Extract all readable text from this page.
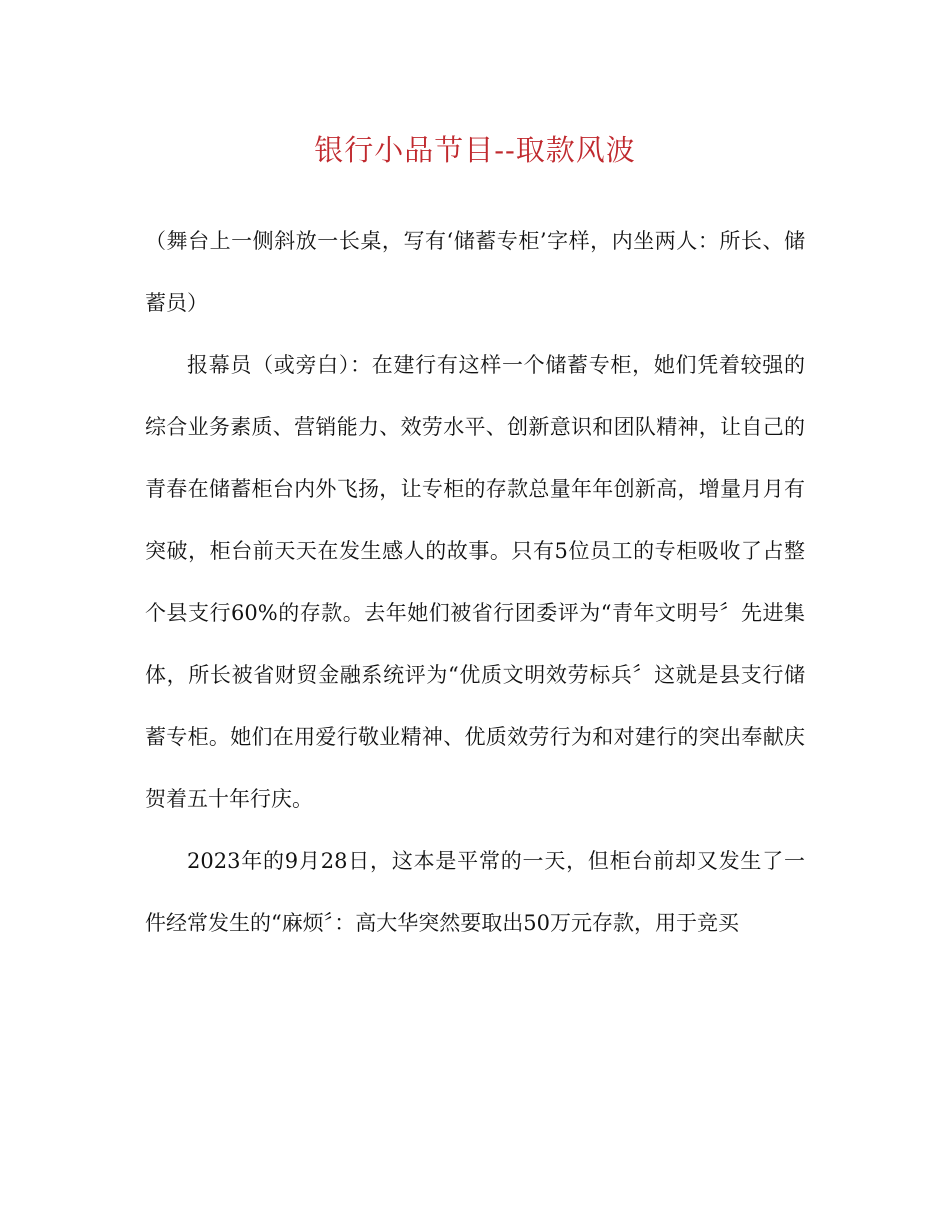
银行小品节目--取款风波

（舞台上一侧斜放一长桌，写有‘储蓄专柜’字样，内坐两人：所长、储蓄员）

报幕员（或旁白）：在建行有这样一个储蓄专柜，她们凭着较强的综合业务素质、营销能力、效劳水平、创新意识和团队精神，让自己的青春在储蓄柜台内外飞扬，让专柜的存款总量年年创新高，增量月月有突破，柜台前天天在发生感人的故事。只有5位员工的专柜吸收了占整个县支行60%的存款。去年她们被省行团委评为“青年文明号〞先进集体，所长被省财贸金融系统评为“优质文明效劳标兵〞这就是县支行储蓄专柜。她们在用爱行敬业精神、优质效劳行为和对建行的突出奉献庆贺着五十年行庆。

2023年的9月28日，这本是平常的一天，但柜台前却又发生了一件经常发生的“麻烦〞：高大华突然要取出50万元存款，用于竞买
